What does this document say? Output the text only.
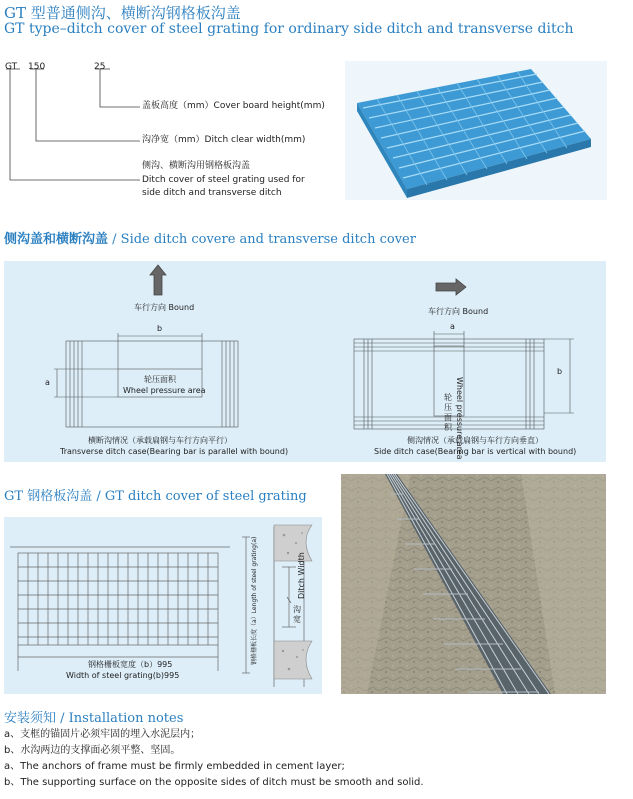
GT 型普通侧沟、横断沟钢格板沟盖
GT type–ditch cover of steel grating for ordinary side ditch and transverse ditch
GT 150	25
盖板高度（mm）Cover board height(mm)
沟净宽（mm）Ditch clear width(mm)
侧沟、横断沟用钢格板沟盖
Ditch cover of steel grating used for
side ditch and transverse ditch
侧沟盖和横断沟盖 / Side ditch covere and transverse ditch cover
车行方向 Bound
b
a	轮压面积
Wheel pressure area
横断沟情况（承载扁钢与车行方向平行）
Transverse ditch case(Bearing bar is parallel with bound)
车行方向 Bound
a
b
轮压面积 Wheel pressure area
侧沟情况（承载扁钢与车行方向垂直）
Side ditch case(Bearing bar is vertical with bound)
GT 钢格板沟盖 / GT ditch cover of steel grating
钢格栅板宽度（b）995
Width of steel grating(b)995
钢格栅板长度（a）Length of steel grating(a)	沟宽
Ditch Width
安装须知 / Installation notes
a、支框的锚固片必须牢固的埋入水泥层内；
b、水沟两边的支撑面必须平整、坚固。
a、The anchors of frame must be firmly embedded in cement layer;
b、The supporting surface on the opposite sides of ditch must be smooth and solid.
